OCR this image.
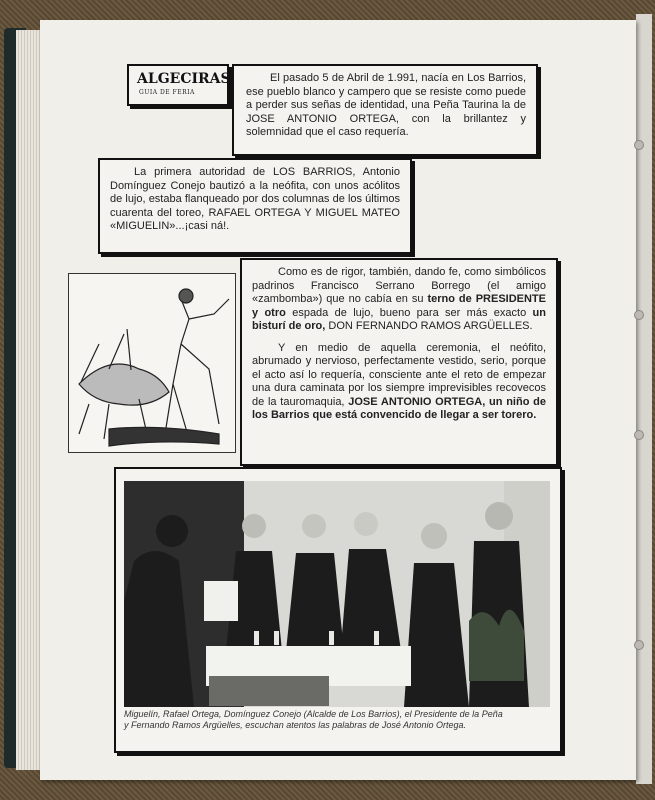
ALGECIRAS
GUIA DE FERIA
El pasado 5 de Abril de 1.991, nacía en Los Barrios, ese pueblo blanco y campero que se resiste como puede a perder sus señas de identidad, una Peña Taurina la de JOSE ANTONIO ORTEGA, con la brillantez y solemnidad que el caso requería.
La primera autoridad de LOS BARRIOS, Antonio Domínguez Conejo bautizó a la neófita, con unos acólitos de lujo, estaba flanqueado por dos columnas de los últimos cuarenta del toreo, RAFAEL ORTEGA Y MIGUEL MATEO «MIGUELIN»...¡casi ná!.

Como es de rigor, también, dando fe, como simbólicos padrinos Francisco Serrano Borrego (el amigo «zambomba») que no cabía en su terno de PRESIDENTE y otro espada de lujo, bueno para ser más exacto un bisturí de oro, DON FERNANDO RAMOS ARGÜELLES.

Y en medio de aquella ceremonia, el neófito, abrumado y nervioso, perfectamente vestido, serio, porque el acto así lo requería, consciente ante el reto de empezar una dura caminata por los siempre imprevisibles recovecos de la tauromaquia, JOSE ANTONIO ORTEGA, un niño de los Barrios que está convencido de llegar a ser torero.

Miguelín, Rafael Ortega, Domínguez Conejo (Alcalde de Los Barrios), el Presidente de la Peña
y Fernando Ramos Argüelles, escuchan atentos las palabras de José Antonio Ortega.
